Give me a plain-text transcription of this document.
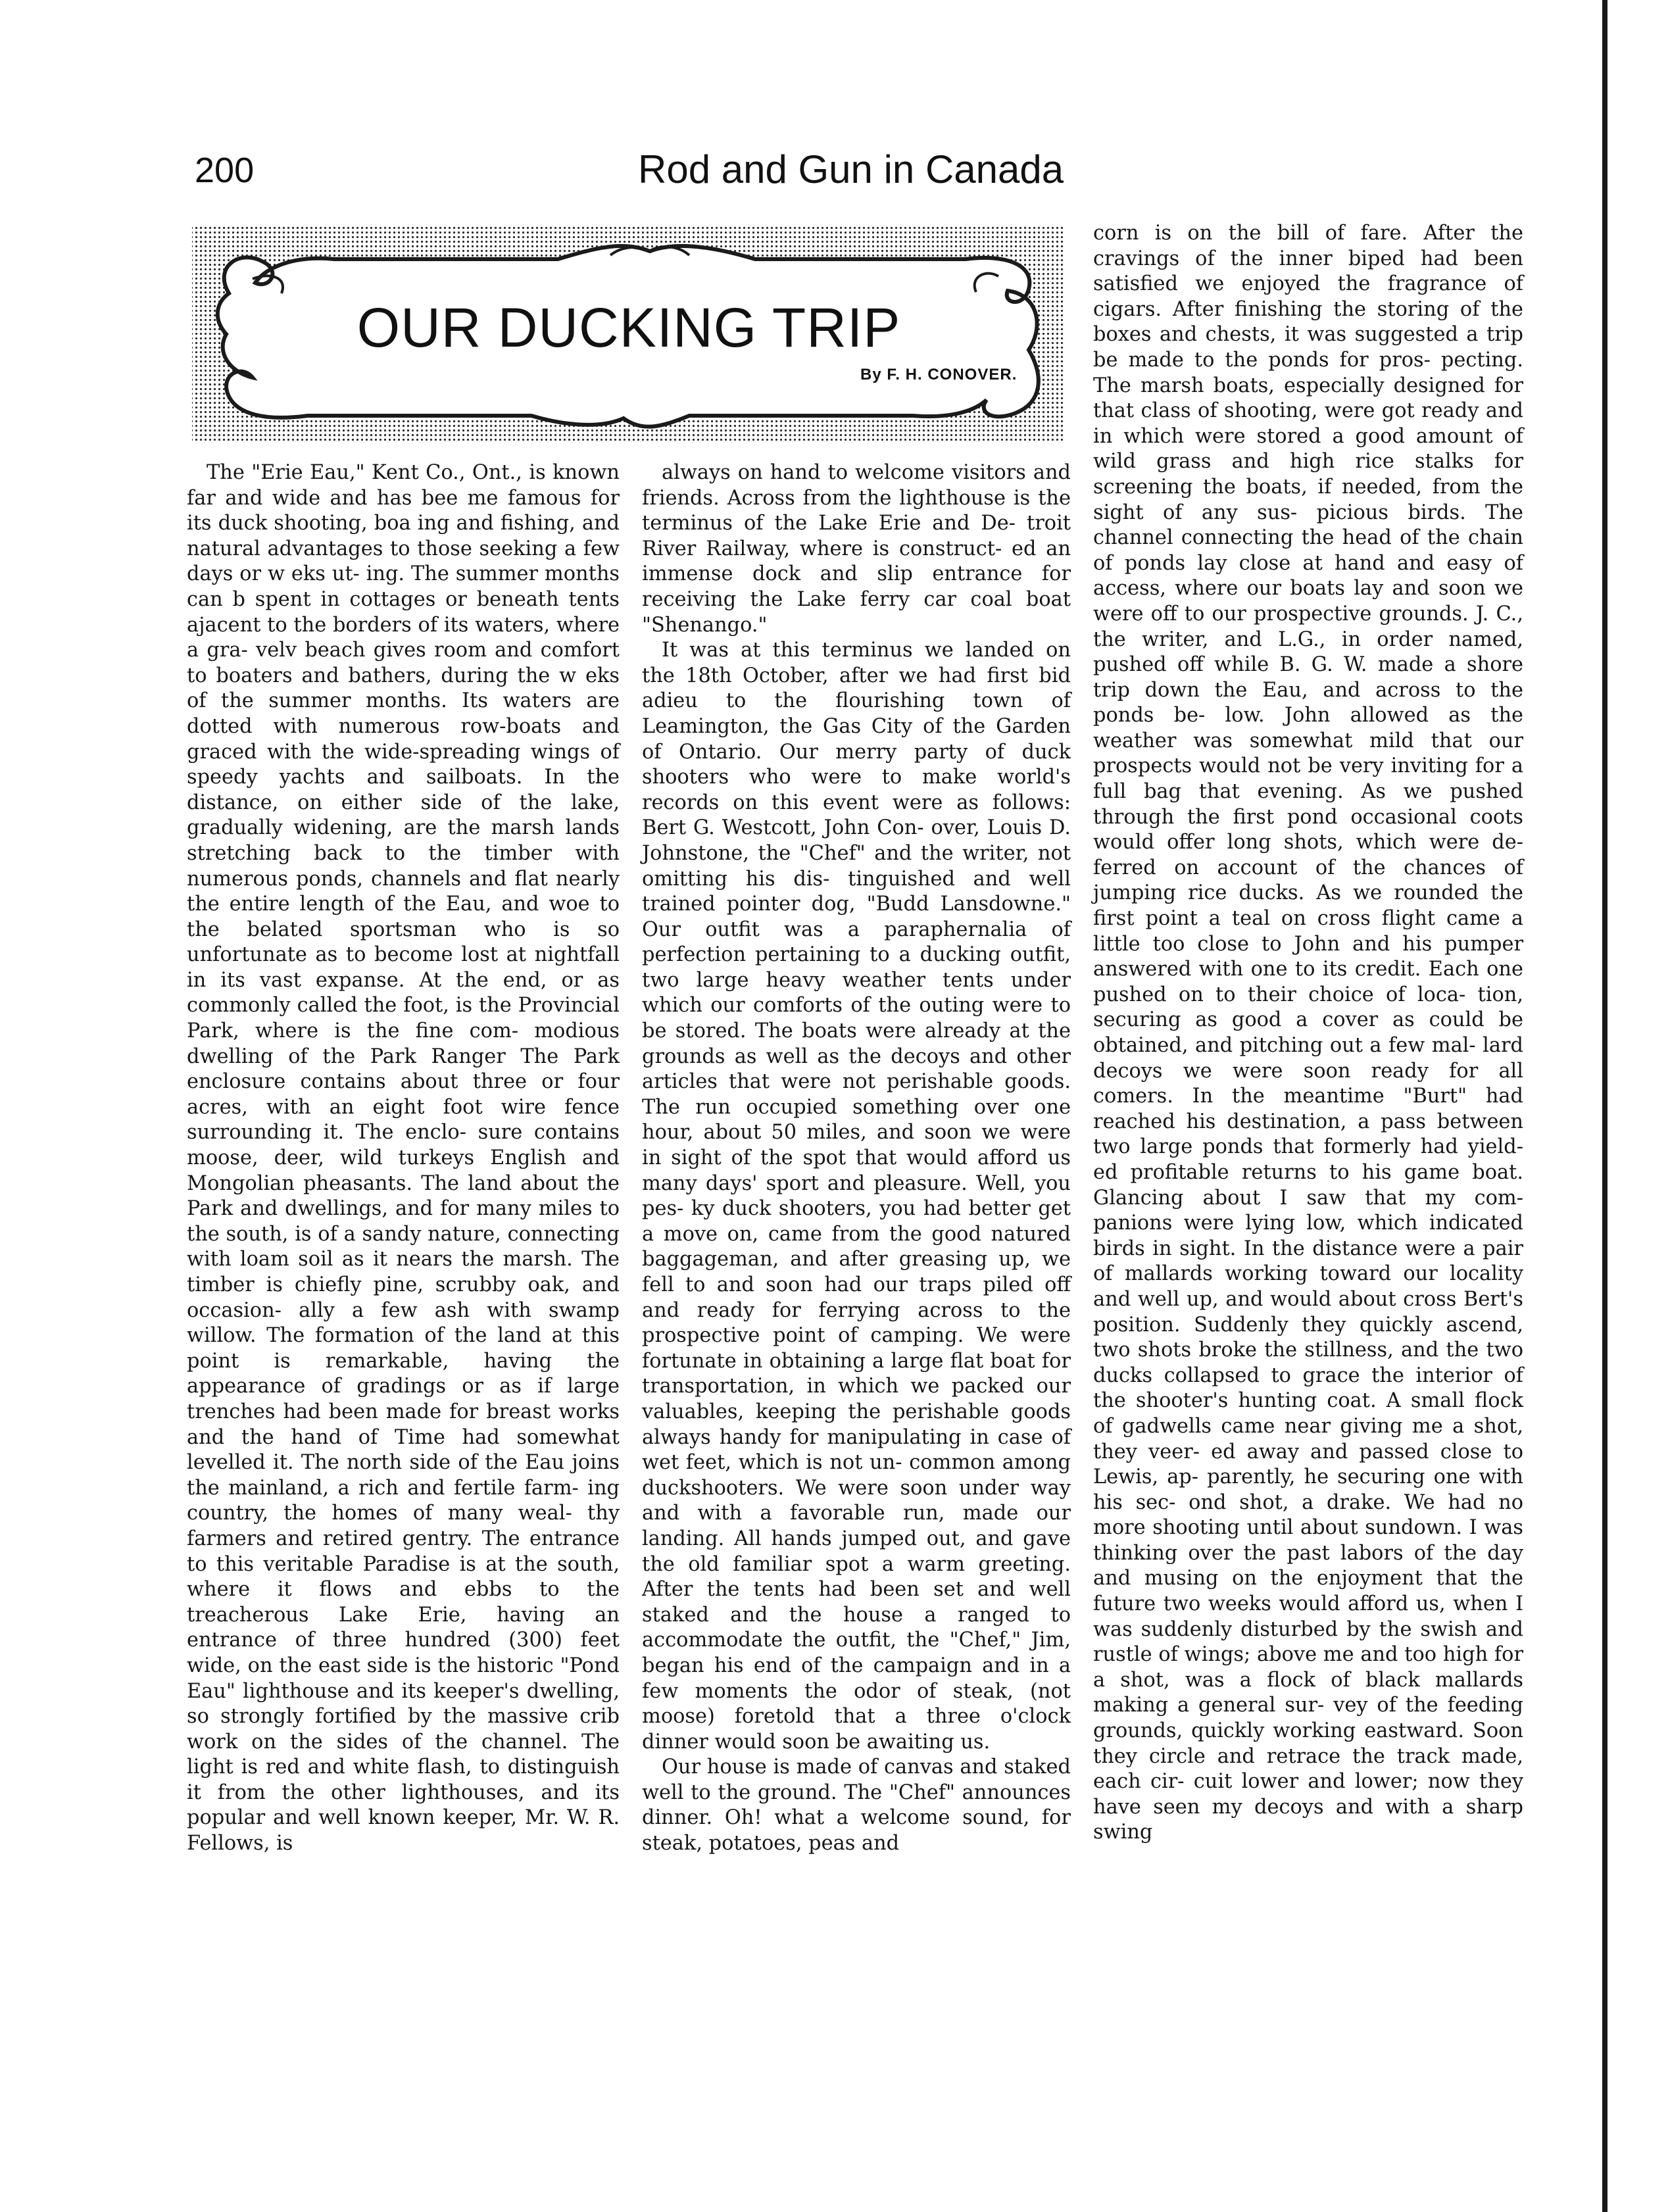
200	Rod and Gun in Canada
OUR DUCKING TRIP
By F. H. CONOVER.

The "Erie Eau," Kent Co., Ont., is known far and wide and has bee me famous for its duck shooting, boa ing and fishing, and natural advantages to those seeking a few days or w eks ut- ing. The summer months can b spent in cottages or beneath tents ajacent to the borders of its waters, where a gra- velv beach gives room and comfort to boaters and bathers, during the w eks of the summer months. Its waters are dotted with numerous row-boats and graced with the wide-spreading wings of speedy yachts and sailboats. In the distance, on either side of the lake, gradually widening, are the marsh lands stretching back to the timber with numerous ponds, channels and flat nearly the entire length of the Eau, and woe to the belated sportsman who is so unfortunate as to become lost at nightfall in its vast expanse. At the end, or as commonly called the foot, is the Provincial Park, where is the fine com- modious dwelling of the Park Ranger The Park enclosure contains about three or four acres, with an eight foot wire fence surrounding it. The enclo- sure contains moose, deer, wild turkeys English and Mongolian pheasants. The land about the Park and dwellings, and for many miles to the south, is of a sandy nature, connecting with loam soil as it nears the marsh. The timber is chiefly pine, scrubby oak, and occasion- ally a few ash with swamp willow. The formation of the land at this point is remarkable, having the appearance of gradings or as if large trenches had been made for breast works and the hand of Time had somewhat levelled it. The north side of the Eau joins the mainland, a rich and fertile farm- ing country, the homes of many weal- thy farmers and retired gentry. The entrance to this veritable Paradise is at the south, where it flows and ebbs to the treacherous Lake Erie, having an entrance of three hundred (300) feet wide, on the east side is the historic "Pond Eau" lighthouse and its keeper's dwelling, so strongly fortified by the massive crib work on the sides of the channel. The light is red and white flash, to distinguish it from the other lighthouses, and its popular and well known keeper, Mr. W. R. Fellows, is

always on hand to welcome visitors and friends. Across from the lighthouse is the terminus of the Lake Erie and De- troit River Railway, where is construct- ed an immense dock and slip entrance for receiving the Lake ferry car coal boat "Shenango."

It was at this terminus we landed on the 18th October, after we had first bid adieu to the flourishing town of Leamington, the Gas City of the Garden of Ontario. Our merry party of duck shooters who were to make world's records on this event were as follows: Bert G. Westcott, John Con- over, Louis D. Johnstone, the "Chef" and the writer, not omitting his dis- tinguished and well trained pointer dog, "Budd Lansdowne." Our outfit was a paraphernalia of perfection pertaining to a ducking outfit, two large heavy weather tents under which our comforts of the outing were to be stored. The boats were already at the grounds as well as the decoys and other articles that were not perishable goods. The run occupied something over one hour, about 50 miles, and soon we were in sight of the spot that would afford us many days' sport and pleasure. Well, you pes- ky duck shooters, you had better get a move on, came from the good natured baggageman, and after greasing up, we fell to and soon had our traps piled off and ready for ferrying across to the prospective point of camping. We were fortunate in obtaining a large flat boat for transportation, in which we packed our valuables, keeping the perishable goods always handy for manipulating in case of wet feet, which is not un- common among duckshooters. We were soon under way and with a favorable run, made our landing. All hands jumped out, and gave the old familiar spot a warm greeting. After the tents had been set and well staked and the house a ranged to accommodate the outfit, the "Chef," Jim, began his end of the campaign and in a few moments the odor of steak, (not moose) foretold that a three o'clock dinner would soon be awaiting us.

Our house is made of canvas and staked well to the ground. The "Chef" announces dinner. Oh! what a welcome sound, for steak, potatoes, peas and

corn is on the bill of fare. After the cravings of the inner biped had been satisfied we enjoyed the fragrance of cigars. After finishing the storing of the boxes and chests, it was suggested a trip be made to the ponds for pros- pecting. The marsh boats, especially designed for that class of shooting, were got ready and in which were stored a good amount of wild grass and high rice stalks for screening the boats, if needed, from the sight of any sus- picious birds. The channel connecting the head of the chain of ponds lay close at hand and easy of access, where our boats lay and soon we were off to our prospective grounds. J. C., the writer, and L.G., in order named, pushed off while B. G. W. made a shore trip down the Eau, and across to the ponds be- low. John allowed as the weather was somewhat mild that our prospects would not be very inviting for a full bag that evening. As we pushed through the first pond occasional coots would offer long shots, which were de- ferred on account of the chances of jumping rice ducks. As we rounded the first point a teal on cross flight came a little too close to John and his pumper answered with one to its credit. Each one pushed on to their choice of loca- tion, securing as good a cover as could be obtained, and pitching out a few mal- lard decoys we were soon ready for all comers. In the meantime "Burt" had reached his destination, a pass between two large ponds that formerly had yield- ed profitable returns to his game boat. Glancing about I saw that my com- panions were lying low, which indicated birds in sight. In the distance were a pair of mallards working toward our locality and well up, and would about cross Bert's position. Suddenly they quickly ascend, two shots broke the stillness, and the two ducks collapsed to grace the interior of the shooter's hunting coat. A small flock of gadwells came near giving me a shot, they veer- ed away and passed close to Lewis, ap- parently, he securing one with his sec- ond shot, a drake. We had no more shooting until about sundown. I was thinking over the past labors of the day and musing on the enjoyment that the future two weeks would afford us, when I was suddenly disturbed by the swish and rustle of wings; above me and too high for a shot, was a flock of black mallards making a general sur- vey of the feeding grounds, quickly working eastward. Soon they circle and retrace the track made, each cir- cuit lower and lower; now they have seen my decoys and with a sharp swing
